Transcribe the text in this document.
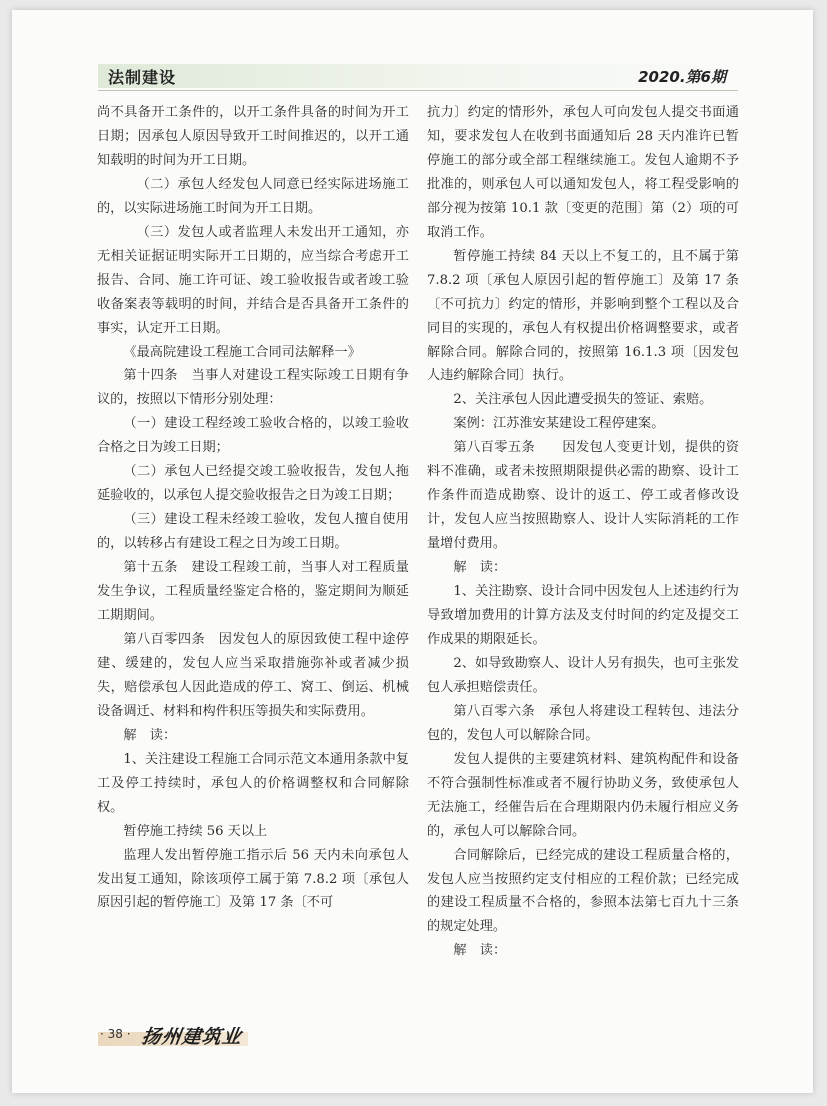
法制建设	2020.第6期

尚不具备开工条件的，以开工条件具备的时间为开工日期；因承包人原因导致开工时间推迟的，以开工通知载明的时间为开工日期。

（二）承包人经发包人同意已经实际进场施工的，以实际进场施工时间为开工日期。

（三）发包人或者监理人未发出开工通知，亦无相关证据证明实际开工日期的，应当综合考虑开工报告、合同、施工许可证、竣工验收报告或者竣工验收备案表等载明的时间，并结合是否具备开工条件的事实，认定开工日期。

《最高院建设工程施工合同司法解释一》

第十四条　当事人对建设工程实际竣工日期有争议的，按照以下情形分别处理：

（一）建设工程经竣工验收合格的，以竣工验收合格之日为竣工日期；

（二）承包人已经提交竣工验收报告，发包人拖延验收的，以承包人提交验收报告之日为竣工日期；

（三）建设工程未经竣工验收，发包人擅自使用的，以转移占有建设工程之日为竣工日期。

第十五条　建设工程竣工前，当事人对工程质量发生争议，工程质量经鉴定合格的，鉴定期间为顺延工期期间。

第八百零四条　因发包人的原因致使工程中途停建、缓建的，发包人应当采取措施弥补或者减少损失，赔偿承包人因此造成的停工、窝工、倒运、机械设备调迁、材料和构件积压等损失和实际费用。

解　读：

1、关注建设工程施工合同示范文本通用条款中复工及停工持续时，承包人的价格调整权和合同解除权。

暂停施工持续 56 天以上

监理人发出暂停施工指示后 56 天内未向承包人发出复工通知，除该项停工属于第 7.8.2 项〔承包人原因引起的暂停施工〕及第 17 条〔不可

抗力〕约定的情形外，承包人可向发包人提交书面通知，要求发包人在收到书面通知后 28 天内准许已暂停施工的部分或全部工程继续施工。发包人逾期不予批准的，则承包人可以通知发包人，将工程受影响的部分视为按第 10.1 款〔变更的范围〕第（2）项的可取消工作。

暂停施工持续 84 天以上不复工的，且不属于第 7.8.2 项〔承包人原因引起的暂停施工〕及第 17 条〔不可抗力〕约定的情形，并影响到整个工程以及合同目的实现的，承包人有权提出价格调整要求，或者解除合同。解除合同的，按照第 16.1.3 项〔因发包人违约解除合同〕执行。

2、关注承包人因此遭受损失的签证、索赔。

案例：江苏淮安某建设工程停建案。

第八百零五条　　因发包人变更计划，提供的资料不准确，或者未按照期限提供必需的勘察、设计工作条件而造成勘察、设计的返工、停工或者修改设计，发包人应当按照勘察人、设计人实际消耗的工作量增付费用。

解　读：

1、关注勘察、设计合同中因发包人上述违约行为导致增加费用的计算方法及支付时间的约定及提交工作成果的期限延长。

2、如导致勘察人、设计人另有损失，也可主张发包人承担赔偿责任。

第八百零六条　承包人将建设工程转包、违法分包的，发包人可以解除合同。

发包人提供的主要建筑材料、建筑构配件和设备不符合强制性标准或者不履行协助义务，致使承包人无法施工，经催告后在合理期限内仍未履行相应义务的，承包人可以解除合同。

合同解除后，已经完成的建设工程质量合格的，发包人应当按照约定支付相应的工程价款；已经完成的建设工程质量不合格的，参照本法第七百九十三条的规定处理。

解　读：

· 38 · 扬州建筑业
